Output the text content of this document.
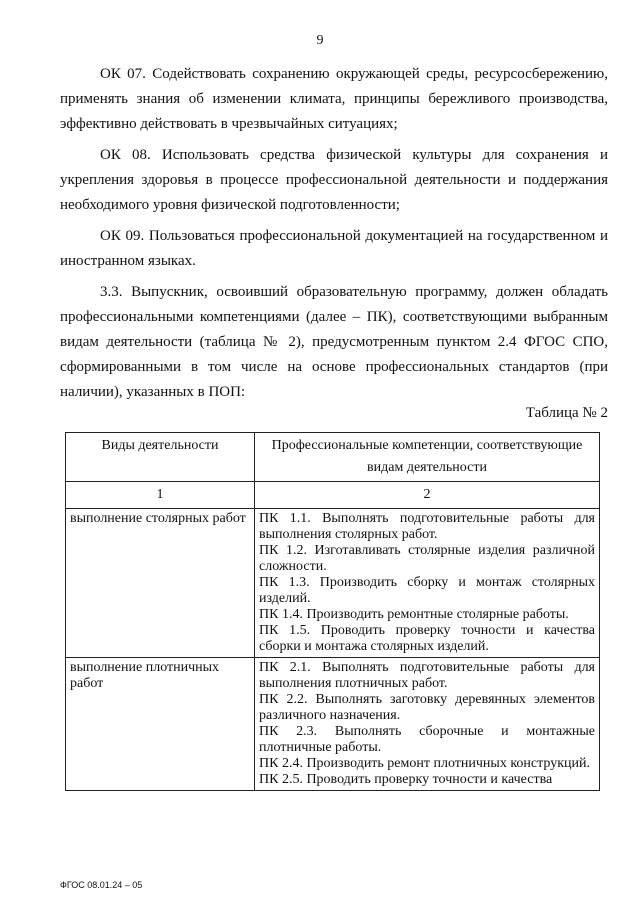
9

ОК 07. Содействовать сохранению окружающей среды, ресурсосбережению, применять знания об изменении климата, принципы бережливого производства, эффективно действовать в чрезвычайных ситуациях;

ОК 08. Использовать средства физической культуры для сохранения и укрепления здоровья в процессе профессиональной деятельности и поддержания необходимого уровня физической подготовленности;

ОК 09. Пользоваться профессиональной документацией на государственном и иностранном языках.

3.3. Выпускник, освоивший образовательную программу, должен обладать профессиональными компетенциями (далее – ПК), соответствующими выбранным видам деятельности (таблица № 2), предусмотренным пунктом 2.4 ФГОС СПО, сформированными в том числе на основе профессиональных стандартов (при наличии), указанных в ПОП:

Таблица № 2
Виды деятельности	Профессиональные компетенции, соответствующие видам деятельности
1	2
выполнение столярных работ	ПК 1.1. Выполнять подготовительные работы для выполнения столярных работ.
ПК 1.2. Изготавливать столярные изделия различной сложности.
ПК 1.3. Производить сборку и монтаж столярных изделий.
ПК 1.4. Производить ремонтные столярные работы.
ПК 1.5. Проводить проверку точности и качества сборки и монтажа столярных изделий.

выполнение плотничных работ	ПК 2.1. Выполнять подготовительные работы для выполнения плотничных работ.
ПК 2.2. Выполнять заготовку деревянных элементов различного назначения.
ПК 2.3. Выполнять сборочные и монтажные плотничные работы.
ПК 2.4. Производить ремонт плотничных конструкций.
ПК 2.5. Проводить проверку точности и качества
ФГОС 08.01.24 – 05
